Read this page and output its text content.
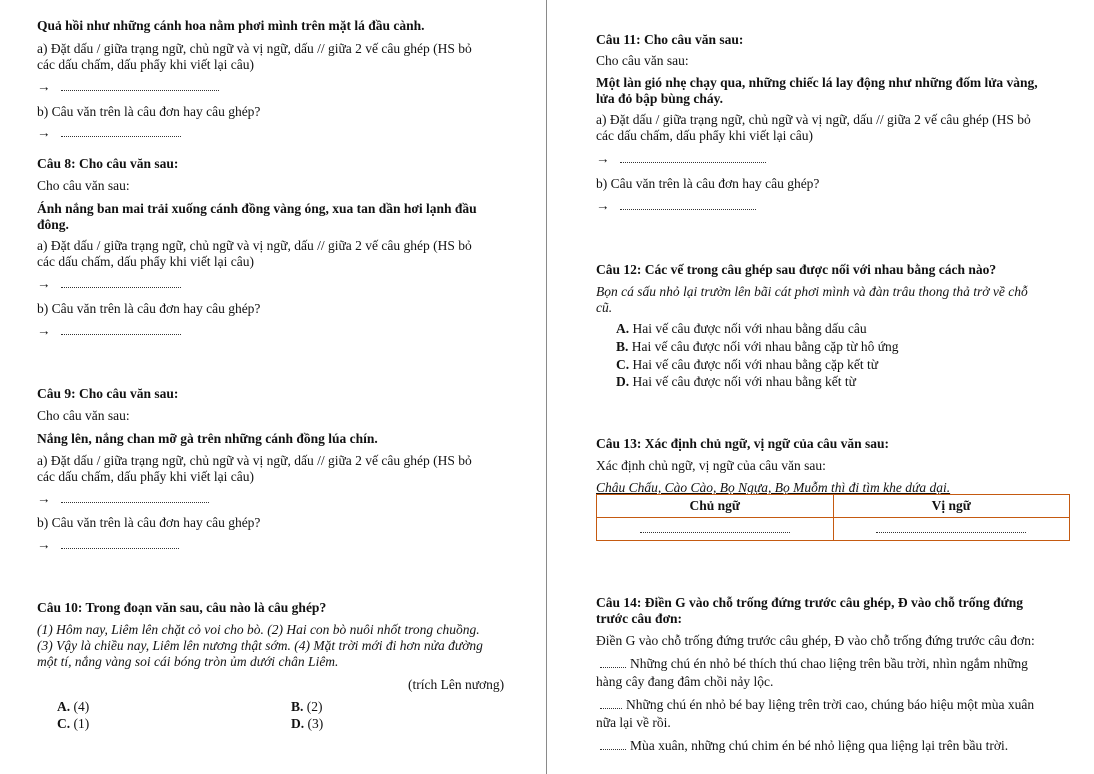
Quả hồi như những cánh hoa nằm phơi mình trên mặt lá đầu cành.
a) Đặt dấu / giữa trạng ngữ, chủ ngữ và vị ngữ, dấu // giữa 2 vế câu ghép (HS bỏ
các dấu chấm, dấu phẩy khi viết lại câu)
→
b) Câu văn trên là câu đơn hay câu ghép?
→
Câu 8: Cho câu văn sau:
Cho câu văn sau:
Ánh nắng ban mai trải xuống cánh đồng vàng óng, xua tan dần hơi lạnh đầu
đông.
a) Đặt dấu / giữa trạng ngữ, chủ ngữ và vị ngữ, dấu // giữa 2 vế câu ghép (HS bỏ
các dấu chấm, dấu phẩy khi viết lại câu)
→
b) Câu văn trên là câu đơn hay câu ghép?
→
Câu 9: Cho câu văn sau:
Cho câu văn sau:
Nắng lên, nắng chan mỡ gà trên những cánh đồng lúa chín.
a) Đặt dấu / giữa trạng ngữ, chủ ngữ và vị ngữ, dấu // giữa 2 vế câu ghép (HS bỏ
các dấu chấm, dấu phẩy khi viết lại câu)
→
b) Câu văn trên là câu đơn hay câu ghép?
→
Câu 10: Trong đoạn văn sau, câu nào là câu ghép?
(1) Hôm nay, Liêm lên chặt cỏ voi cho bò. (2) Hai con bò nuôi nhốt trong chuồng.
(3) Vậy là chiều nay, Liêm lên nương thật sớm. (4) Mặt trời mới đi hơn nửa đường
một tí, nắng vàng soi cái bóng tròn ủm dưới chân Liêm.
(trích Lên nương)
A. (4)	B. (2)
C. (1)	D. (3)
Câu 11: Cho câu văn sau:
Cho câu văn sau:
Một làn gió nhẹ chạy qua, những chiếc lá lay động như những đốm lửa vàng,
lửa đỏ bập bùng cháy.
a) Đặt dấu / giữa trạng ngữ, chủ ngữ và vị ngữ, dấu // giữa 2 vế câu ghép (HS bỏ
các dấu chấm, dấu phẩy khi viết lại câu)
→
b) Câu văn trên là câu đơn hay câu ghép?
→
Câu 12: Các vế trong câu ghép sau được nối với nhau bằng cách nào?
Bọn cá sấu nhỏ lại trườn lên bãi cát phơi mình và đàn trâu thong thả trở về chỗ
cũ.
A. Hai vế câu được nối với nhau bằng dấu câu
B. Hai vế câu được nối với nhau bằng cặp từ hô ứng
C. Hai vế câu được nối với nhau bằng cặp kết từ
D. Hai vế câu được nối với nhau bằng kết từ
Câu 13: Xác định chủ ngữ, vị ngữ của câu văn sau:
Xác định chủ ngữ, vị ngữ của câu văn sau:
Châu Chấu, Cào Cào, Bọ Ngựa, Bọ Muỗm thì đi tìm khe dứa dại.
Chủ ngữ	Vị ngữ

Câu 14: Điền G vào chỗ trống đứng trước câu ghép, Đ vào chỗ trống đứng
trước câu đơn:
Điền G vào chỗ trống đứng trước câu ghép, Đ vào chỗ trống đứng trước câu đơn:
Những chú én nhỏ bé thích thú chao liệng trên bầu trời, nhìn ngắm những
hàng cây đang đâm chồi nảy lộc.
Những chú én nhỏ bé bay liệng trên trời cao, chúng báo hiệu một mùa xuân
nữa lại về rồi.
Mùa xuân, những chú chim én bé nhỏ liệng qua liệng lại trên bầu trời.
